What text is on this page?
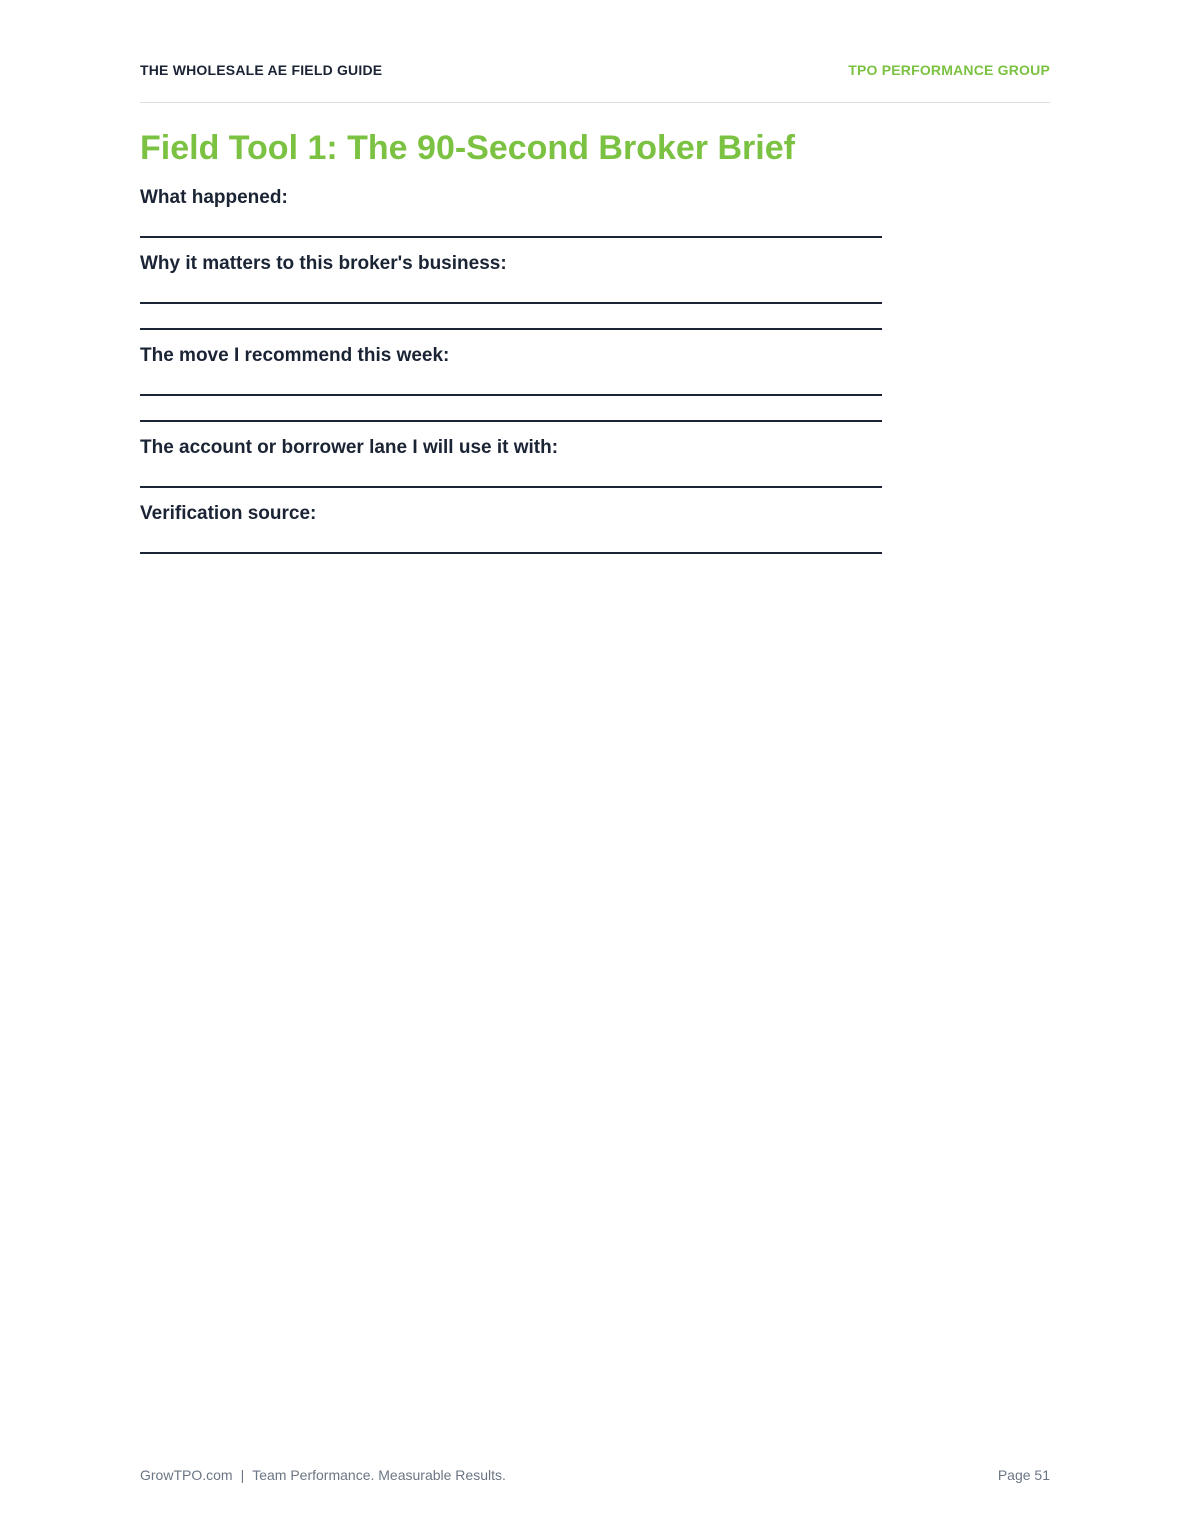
THE WHOLESALE AE FIELD GUIDE	TPO PERFORMANCE GROUP
Field Tool 1: The 90-Second Broker Brief
What happened:
Why it matters to this broker's business:
The move I recommend this week:
The account or borrower lane I will use it with:
Verification source:
GrowTPO.com | Team Performance. Measurable Results.	Page 51
